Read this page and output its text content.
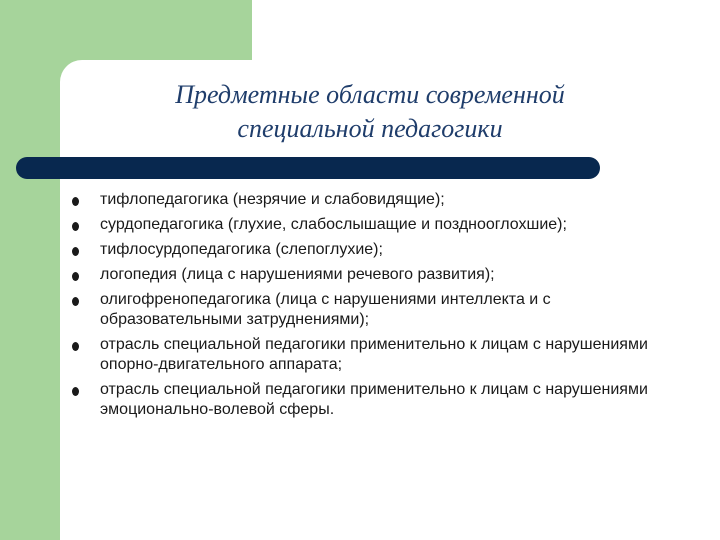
Предметные области современной
специальной педагогики
тифлопедагогика (незрячие и слабовидящие);
сурдопедагогика (глухие, слабослышащие и позднооглохшие);
тифлосурдопедагогика (слепоглухие);
логопедия (лица с нарушениями речевого развития);
олигофренопедагогика (лица с нарушениями интеллекта и с образовательными затруднениями);
отрасль специальной педагогики применительно к лицам с нарушениями опорно-двигательного аппарата;
отрасль специальной педагогики применительно к лицам с нарушениями эмоционально-волевой сферы.
